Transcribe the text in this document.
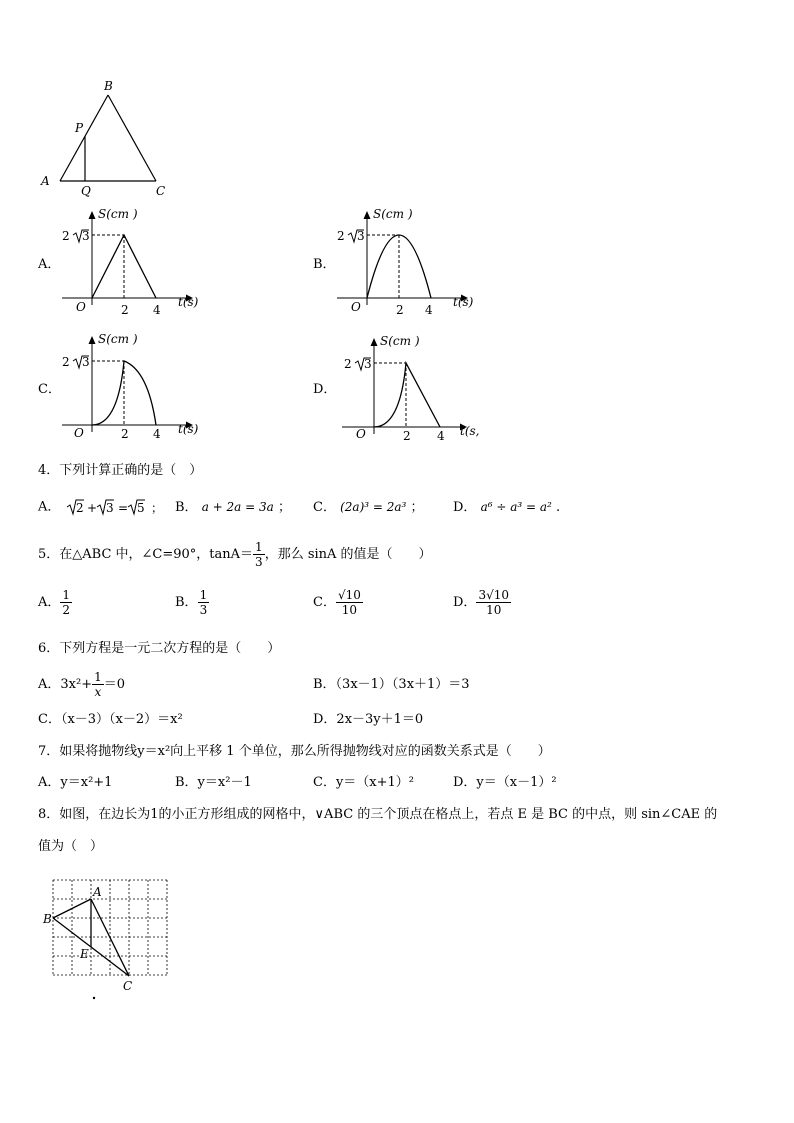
B
P
A
Q	C
A．	B．
C．	D．
S(cm )
t(s)
O	2 4
2 3
S(cm )
t(s)
O	2 4
2 3
S(cm )
t(s)
O	2 4
2 3
S(cm )
t(s,
O	2 4
2 3
4．下列计算正确的是（　）
A． 2 + 3 = 5 ； B． a + 2a = 3a ； C． (2a)³ = 2a³ ； D． a⁶ ÷ a³ = a² .
5．在△ABC 中，∠C=90°，$\tan A= \frac{1}{3}$ ，那么 sinA 的值是（　　）
A． $\frac{1}{2}$	B． $\frac{1}{3}$	C． $\frac{√10}{10}$	D． $\frac{3√10}{10}$
6．下列方程是一元二次方程的是（　　）
A．$3x^2+ \frac{1}{x} =0$	B．（3x－1）（3x＋1）＝3
C．（x－3）（x－2）＝x²	D．2x－3y＋1＝0
7．如果将抛物线y＝x²向上平移 1 个单位，那么所得抛物线对应的函数关系式是（　　）
A．y＝x²+1	B．y＝x²－1	C．y＝（x+1）²	D．y＝（x－1）²
8．如图，在边长为1的小正方形组成的网格中，∨ABC 的三个顶点在格点上，若点 E 是 BC 的中点，则 sin∠CAE 的
值为（　）
A
B
E
C
